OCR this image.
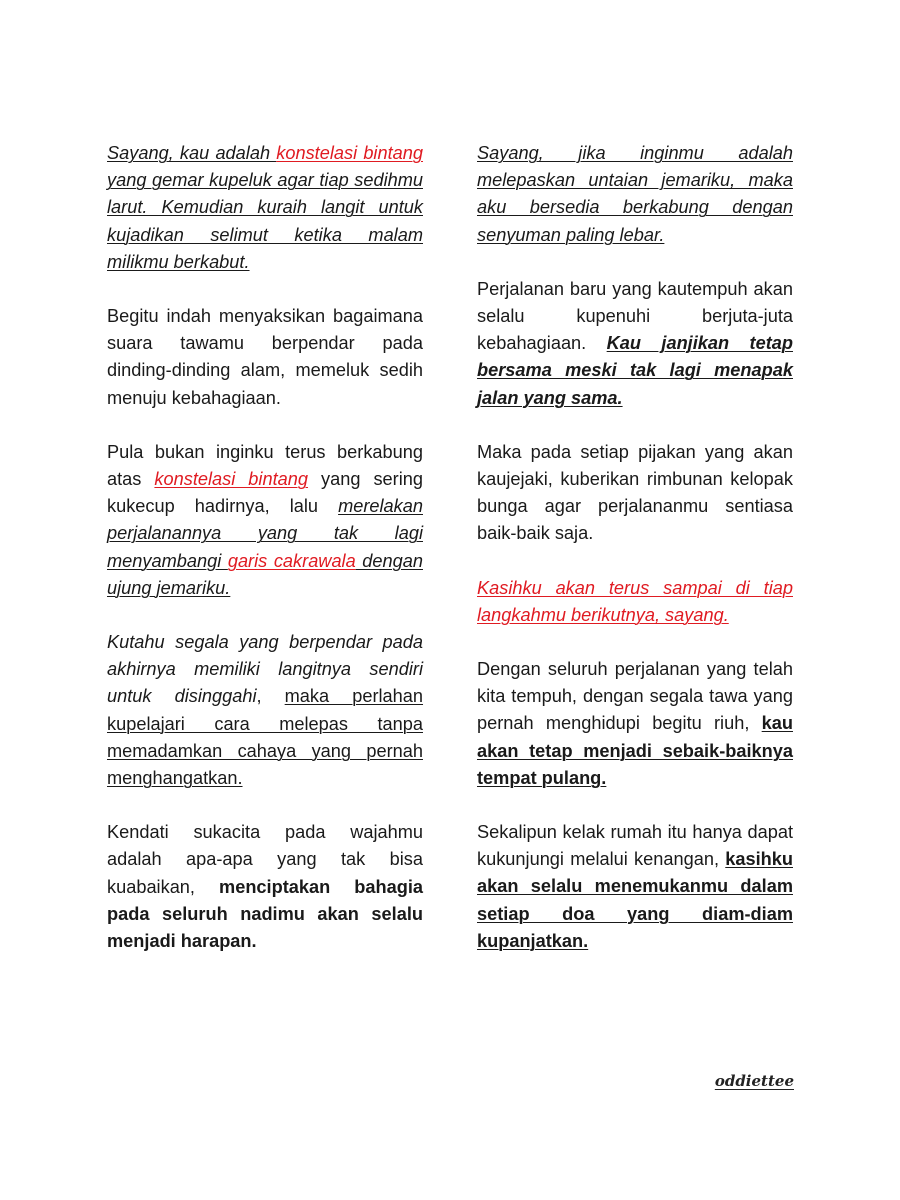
Sayang, kau adalah konstelasi bintang yang gemar kupeluk agar tiap sedihmu larut. Kemudian kuraih langit untuk kujadikan selimut ketika malam milikmu berkabut.

Begitu indah menyaksikan bagaimana suara tawamu berpendar pada dinding-dinding alam, memeluk sedih menuju kebahagiaan.

Pula bukan inginku terus berkabung atas konstelasi bintang yang sering kukecup hadirnya, lalu merelakan perjalanannya yang tak lagi menyambangi garis cakrawala dengan ujung jemariku.

Kutahu segala yang berpendar pada akhirnya memiliki langitnya sendiri untuk disinggahi, maka perlahan kupelajari cara melepas tanpa memadamkan cahaya yang pernah menghangatkan.

Kendati sukacita pada wajahmu adalah apa-apa yang tak bisa kuabaikan, menciptakan bahagia pada seluruh nadimu akan selalu menjadi harapan.

Sayang, jika inginmu adalah melepaskan untaian jemariku, maka aku bersedia berkabung dengan senyuman paling lebar.

Perjalanan baru yang kautempuh akan selalu kupenuhi berjuta-juta kebahagiaan. Kau janjikan tetap bersama meski tak lagi menapak jalan yang sama.

Maka pada setiap pijakan yang akan kaujejaki, kuberikan rimbunan kelopak bunga agar perjalananmu sentiasa baik-baik saja.

Kasihku akan terus sampai di tiap langkahmu berikutnya, sayang.

Dengan seluruh perjalanan yang telah kita tempuh, dengan segala tawa yang pernah menghidupi begitu riuh, kau akan tetap menjadi sebaik-baiknya tempat pulang.

Sekalipun kelak rumah itu hanya dapat kukunjungi melalui kenangan, kasihku akan selalu menemukanmu dalam setiap doa yang diam-diam kupanjatkan.

oddiettee
